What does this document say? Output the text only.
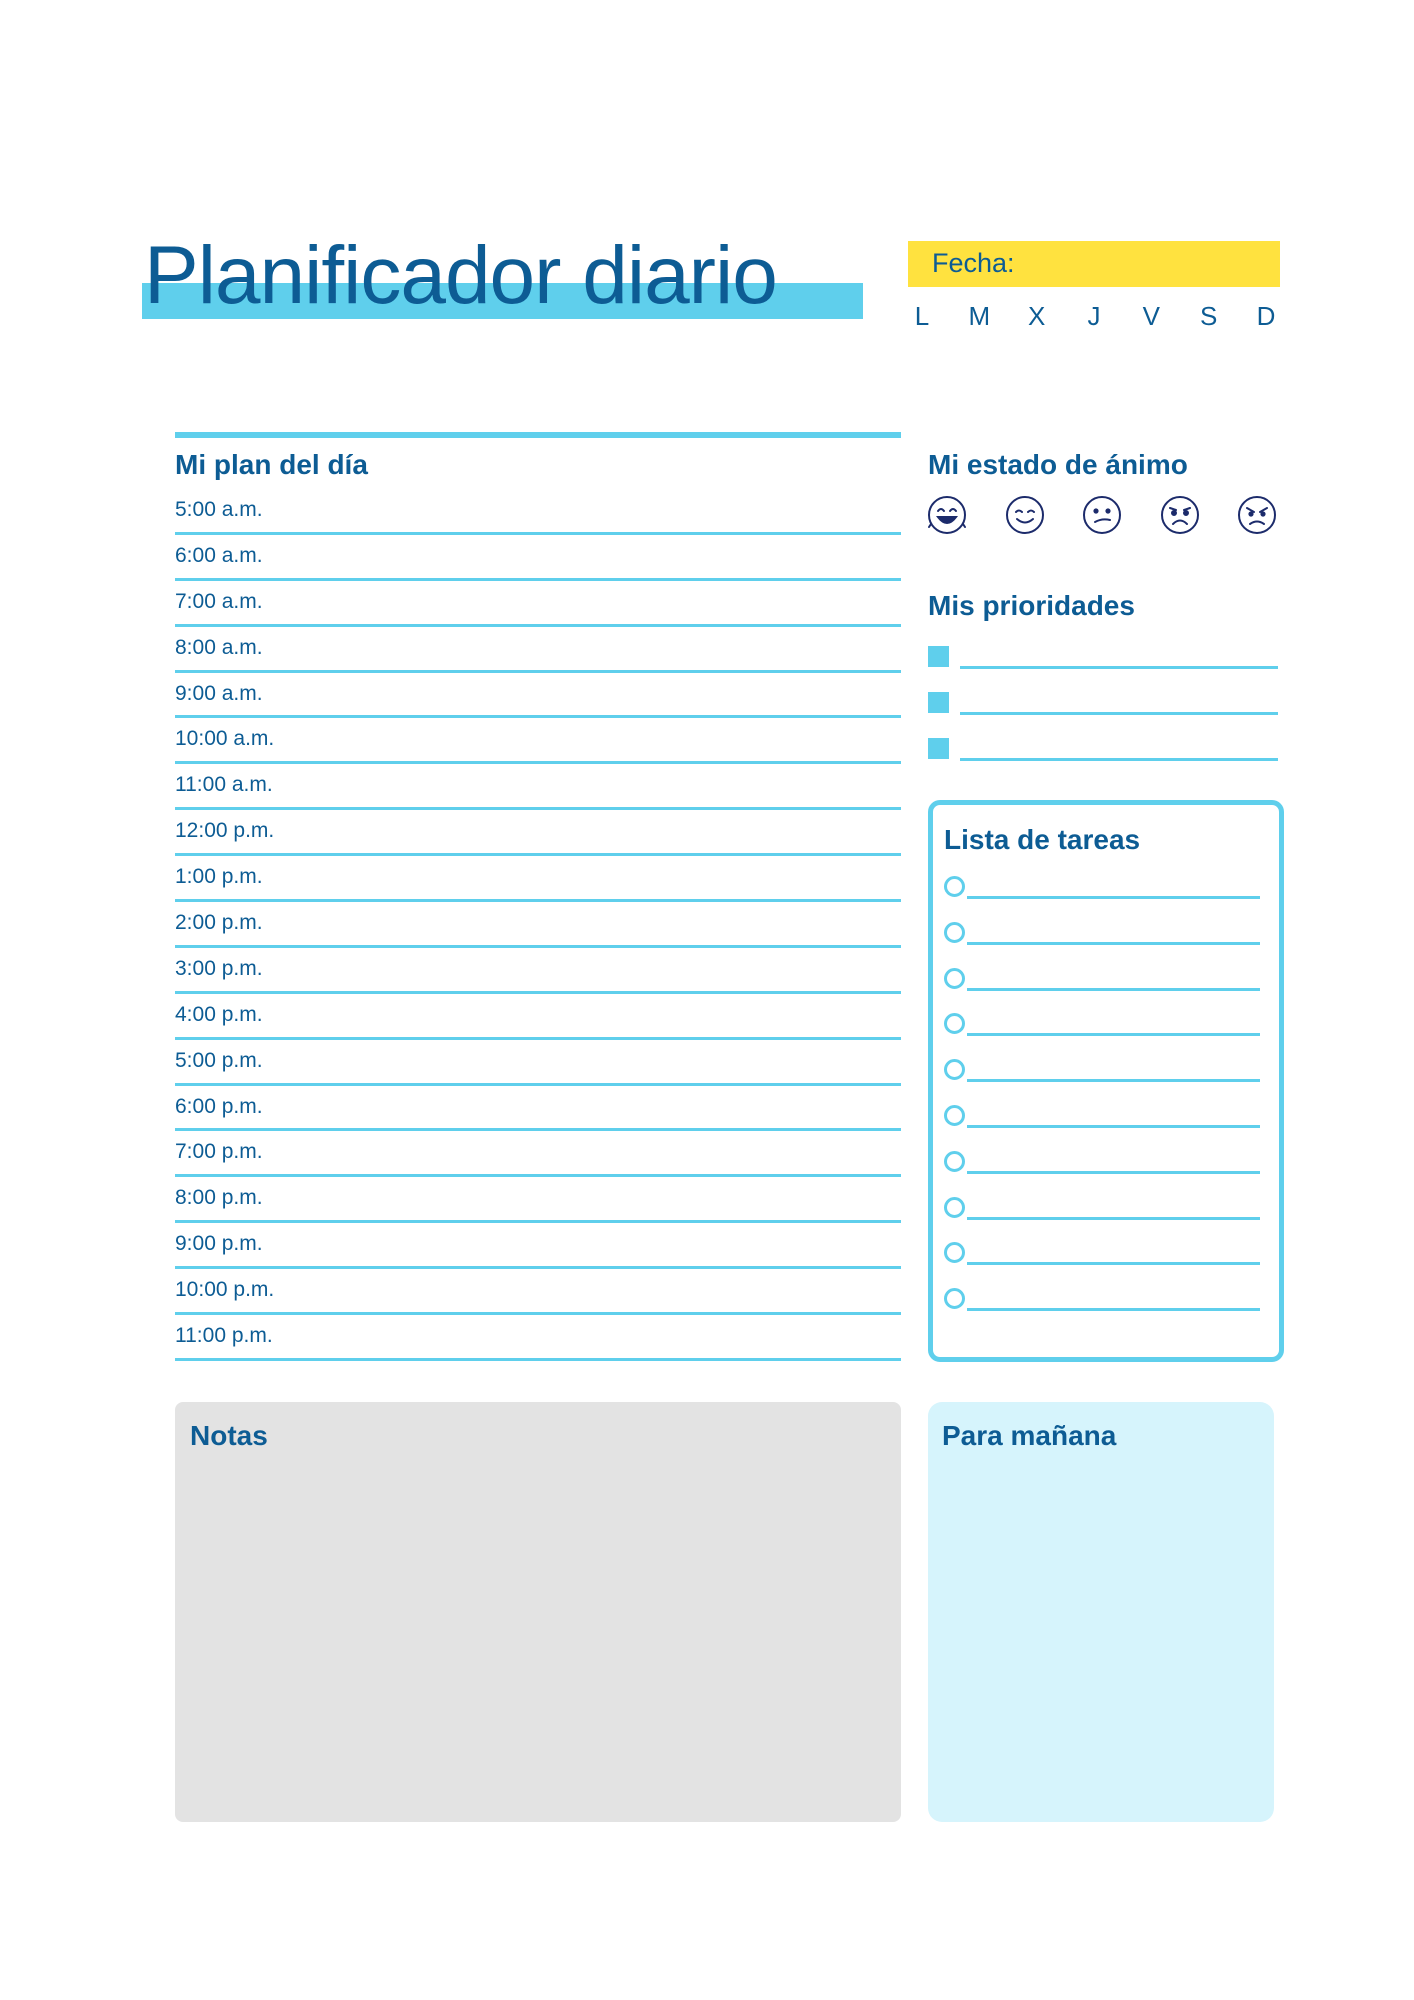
Planificador diario	Fecha:
L	M	X	J	V	S	D
Mi plan del día
5:00 a.m.
6:00 a.m.
7:00 a.m.
8:00 a.m.
9:00 a.m.
10:00 a.m.
11:00 a.m.
12:00 p.m.
1:00 p.m.
2:00 p.m.
3:00 p.m.
4:00 p.m.
5:00 p.m.
6:00 p.m.
7:00 p.m.
8:00 p.m.
9:00 p.m.
10:00 p.m.
11:00 p.m.
Mi estado de ánimo
Mis prioridades
Lista de tareas
Notas	Para mañana
